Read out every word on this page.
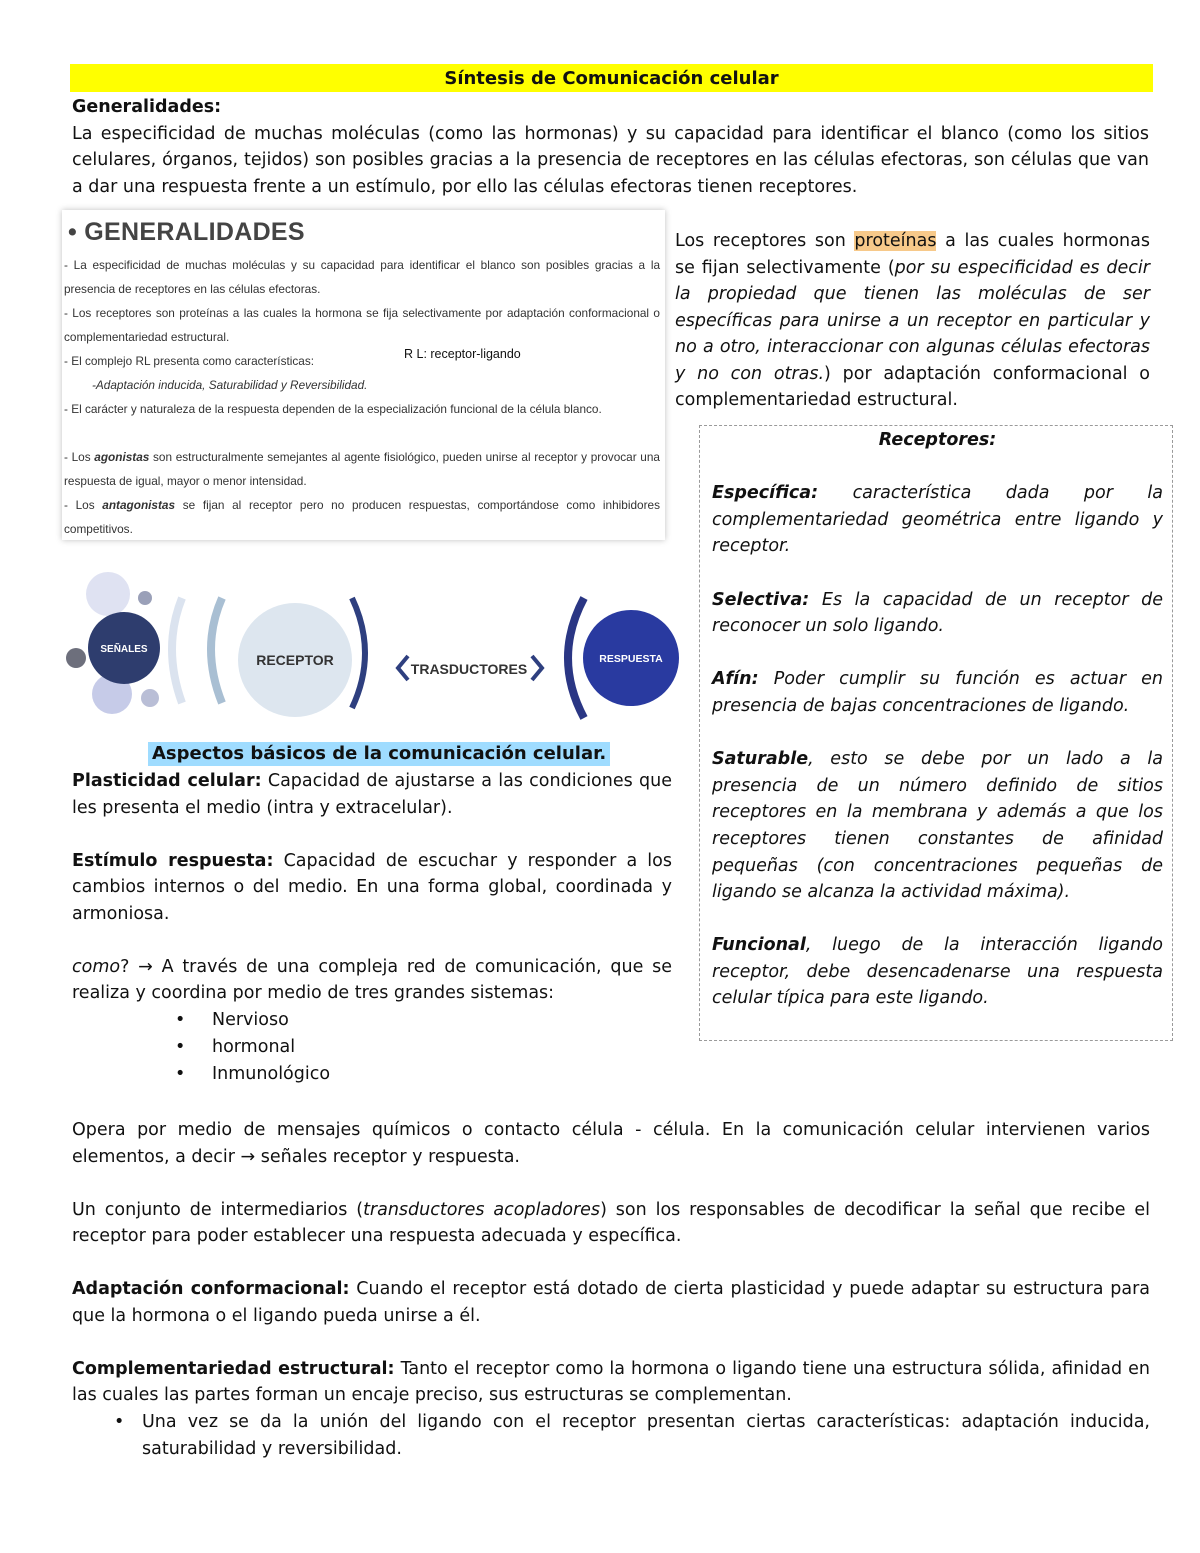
Síntesis de Comunicación celular

Generalidades:

La especificidad de muchas moléculas (como las hormonas) y su capacidad para identificar el blanco (como los sitios celulares, órganos, tejidos) son posibles gracias a la presencia de receptores en las células efectoras, son células que van a dar una respuesta frente a un estímulo, por ello las células efectoras tienen receptores.

• GENERALIDADES
- La especificidad de muchas moléculas y su capacidad para identificar el blanco son posibles gracias a la presencia de receptores en las células efectoras.
- Los receptores son proteínas a las cuales la hormona se fija selectivamente por adaptación conformacional o complementariedad estructural.
- El complejo RL presenta como características:
-Adaptación inducida, Saturabilidad y Reversibilidad.
- El carácter y naturaleza de la respuesta dependen de la especialización funcional de la célula blanco.
- Los agonistas son estructuralmente semejantes al agente fisiológico, pueden unirse al receptor y provocar una respuesta de igual, mayor o menor intensidad.
- Los antagonistas se fijan al receptor pero no producen respuestas, comportándose como inhibidores competitivos.
R L: receptor-ligando
Los receptores son proteínas a las cuales hormonas se fijan selectivamente (por su especificidad es decir la propiedad que tienen las moléculas de ser específicas para unirse a un receptor en particular y no a otro, interaccionar con algunas células efectoras y no con otras.) por adaptación conformacional o complementariedad estructural.

Receptores:

Específica: característica dada por la complementariedad geométrica entre ligando y receptor.

Selectiva: Es la capacidad de un receptor de reconocer un solo ligando.

Afín: Poder cumplir su función es actuar en presencia de bajas concentraciones de ligando.

Saturable, esto se debe por un lado a la presencia de un número definido de sitios receptores en la membrana y además a que los receptores tienen constantes de afinidad pequeñas (con concentraciones pequeñas de ligando se alcanza la actividad máxima).

Funcional, luego de la interacción ligando receptor, debe desencadenarse una respuesta celular típica para este ligando.

SEÑALES
RECEPTOR
TRASDUCTORES
RESPUESTA
Aspectos básicos de la comunicación celular.

Plasticidad celular: Capacidad de ajustarse a las condiciones que les presenta el medio (intra y extracelular).

Estímulo respuesta: Capacidad de escuchar y responder a los cambios internos o del medio. En una forma global, coordinada y armoniosa.

como? → A través de una compleja red de comunicación, que se realiza y coordina por medio de tres grandes sistemas:

• Nervioso
• hormonal
• Inmunológico

Opera por medio de mensajes químicos o contacto célula - célula. En la comunicación celular intervienen varios elementos, a decir → señales receptor y respuesta.

Un conjunto de intermediarios (transductores acopladores) son los responsables de decodificar la señal que recibe el receptor para poder establecer una respuesta adecuada y específica.

Adaptación conformacional: Cuando el receptor está dotado de cierta plasticidad y puede adaptar su estructura para que la hormona o el ligando pueda unirse a él.

Complementariedad estructural: Tanto el receptor como la hormona o ligando tiene una estructura sólida, afinidad en las cuales las partes forman un encaje preciso, sus estructuras se complementan.

• Una vez se da la unión del ligando con el receptor presentan ciertas características: adaptación inducida, saturabilidad y reversibilidad.
